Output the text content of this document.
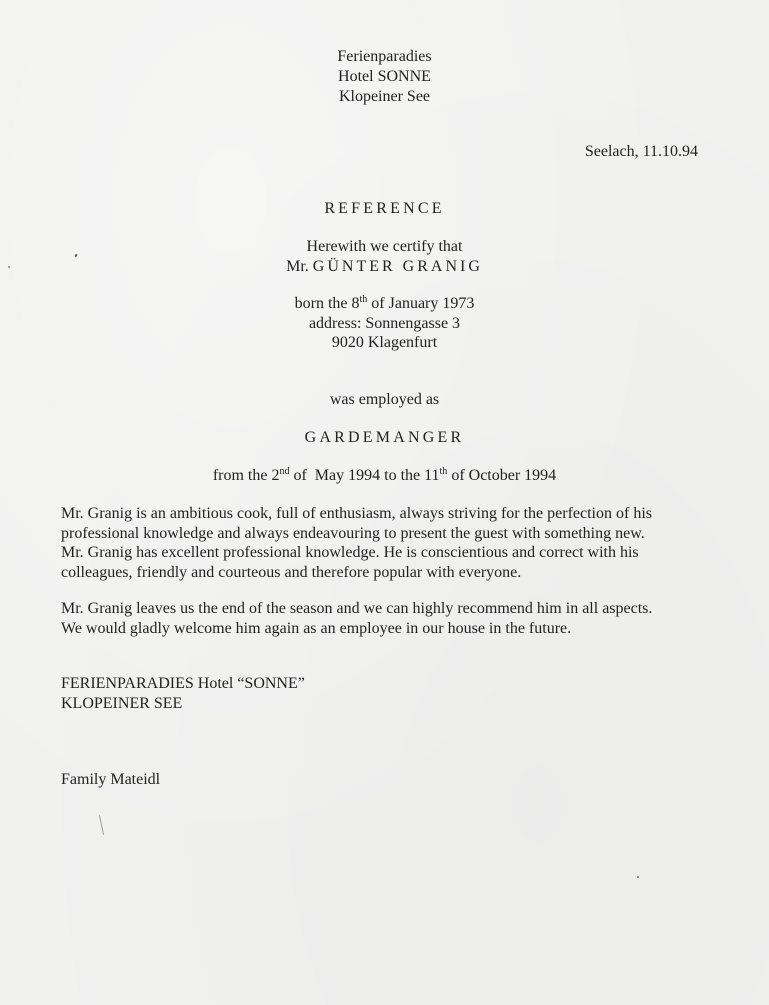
Ferienparadies
Hotel SONNE
Klopeiner See
Seelach, 11.10.94
REFERENCE
Herewith we certify that
Mr. GÜNTER GRANIG
born the 8th of January 1973
address: Sonnengasse 3
9020 Klagenfurt
was employed as
GARDEMANGER
from the 2nd of  May 1994 to the 11th of October 1994
Mr. Granig is an ambitious cook, full of enthusiasm, always striving for the perfection of his
professional knowledge and always endeavouring to present the guest with something new.
Mr. Granig has excellent professional knowledge. He is conscientious and correct with his
colleagues, friendly and courteous and therefore popular with everyone.
Mr. Granig leaves us the end of the season and we can highly recommend him in all aspects.
We would gladly welcome him again as an employee in our house in the future.
FERIENPARADIES Hotel “SONNE”
KLOPEINER SEE
Family Mateidl
